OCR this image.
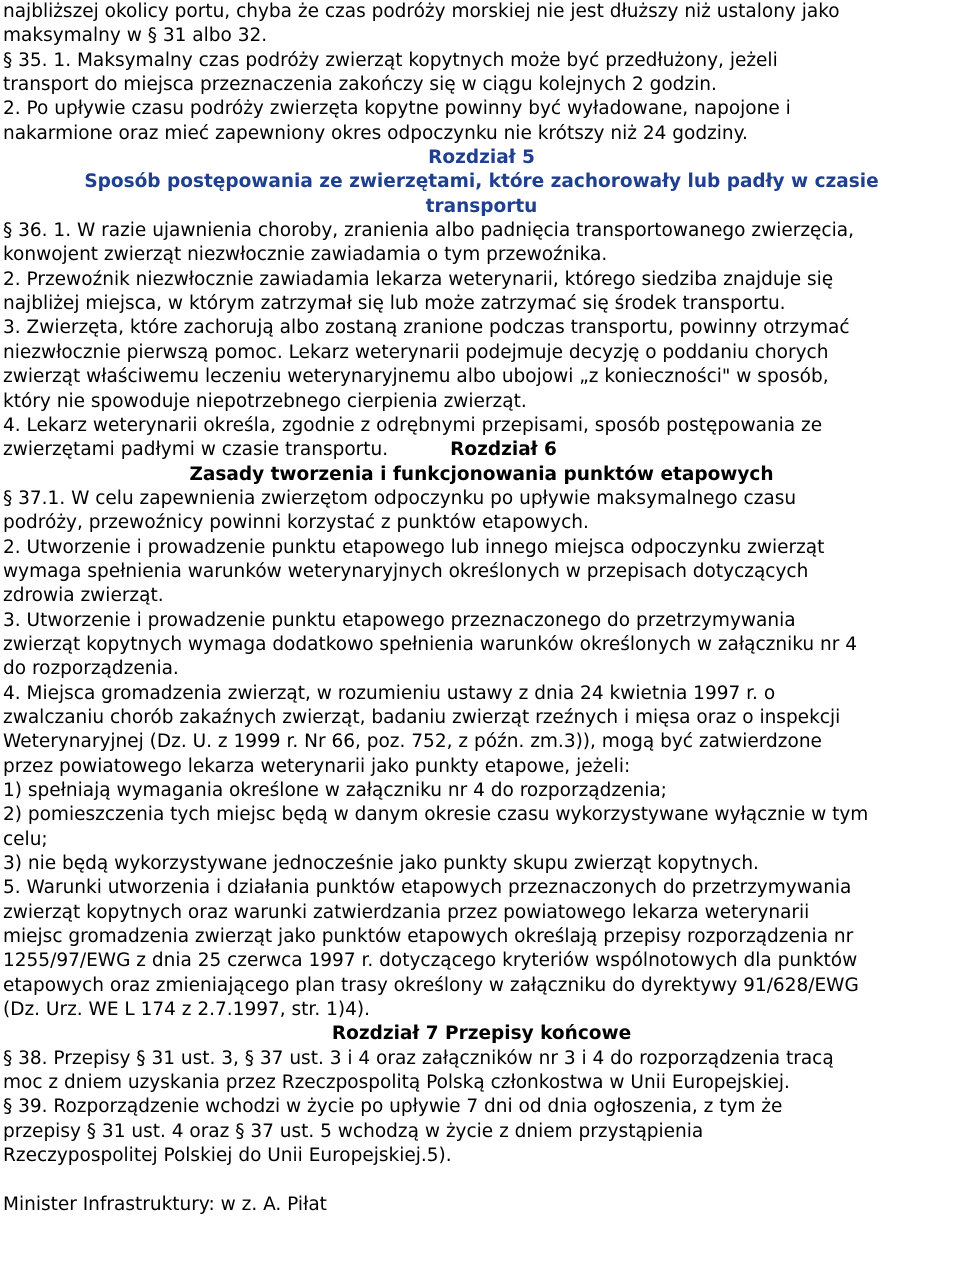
najbliższej okolicy portu, chyba że czas podróży morskiej nie jest dłuższy niż ustalony jako
maksymalny w § 31 albo 32.
§ 35. 1. Maksymalny czas podróży zwierząt kopytnych może być przedłużony, jeżeli
transport do miejsca przeznaczenia zakończy się w ciągu kolejnych 2 godzin.
2. Po upływie czasu podróży zwierzęta kopytne powinny być wyładowane, napojone i
nakarmione oraz mieć zapewniony okres odpoczynku nie krótszy niż 24 godziny.
Rozdział 5
Sposób postępowania ze zwierzętami, które zachorowały lub padły w czasie
transportu
§ 36. 1. W razie ujawnienia choroby, zranienia albo padnięcia transportowanego zwierzęcia,
konwojent zwierząt niezwłocznie zawiadamia o tym przewoźnika.
2. Przewoźnik niezwłocznie zawiadamia lekarza weterynarii, którego siedziba znajduje się
najbliżej miejsca, w którym zatrzymał się lub może zatrzymać się środek transportu.
3. Zwierzęta, które zachorują albo zostaną zranione podczas transportu, powinny otrzymać
niezwłocznie pierwszą pomoc. Lekarz weterynarii podejmuje decyzję o poddaniu chorych
zwierząt właściwemu leczeniu weterynaryjnemu albo ubojowi „z konieczności" w sposób,
który nie spowoduje niepotrzebnego cierpienia zwierząt.
4. Lekarz weterynarii określa, zgodnie z odrębnymi przepisami, sposób postępowania ze
zwierzętami padłymi w czasie transportu.	Rozdział 6
Zasady tworzenia i funkcjonowania punktów etapowych
§ 37.1. W celu zapewnienia zwierzętom odpoczynku po upływie maksymalnego czasu
podróży, przewoźnicy powinni korzystać z punktów etapowych.
2. Utworzenie i prowadzenie punktu etapowego lub innego miejsca odpoczynku zwierząt
wymaga spełnienia warunków weterynaryjnych określonych w przepisach dotyczących
zdrowia zwierząt.
3. Utworzenie i prowadzenie punktu etapowego przeznaczonego do przetrzymywania
zwierząt kopytnych wymaga dodatkowo spełnienia warunków określonych w załączniku nr 4
do rozporządzenia.
4. Miejsca gromadzenia zwierząt, w rozumieniu ustawy z dnia 24 kwietnia 1997 r. o
zwalczaniu chorób zakaźnych zwierząt, badaniu zwierząt rzeźnych i mięsa oraz o inspekcji
Weterynaryjnej (Dz. U. z 1999 r. Nr 66, poz. 752, z późn. zm.3)), mogą być zatwierdzone
przez powiatowego lekarza weterynarii jako punkty etapowe, jeżeli:
1) spełniają wymagania określone w załączniku nr 4 do rozporządzenia;
2) pomieszczenia tych miejsc będą w danym okresie czasu wykorzystywane wyłącznie w tym
celu;
3) nie będą wykorzystywane jednocześnie jako punkty skupu zwierząt kopytnych.
5. Warunki utworzenia i działania punktów etapowych przeznaczonych do przetrzymywania
zwierząt kopytnych oraz warunki zatwierdzania przez powiatowego lekarza weterynarii
miejsc gromadzenia zwierząt jako punktów etapowych określają przepisy rozporządzenia nr
1255/97/EWG z dnia 25 czerwca 1997 r. dotyczącego kryteriów wspólnotowych dla punktów
etapowych oraz zmieniającego plan trasy określony w załączniku do dyrektywy 91/628/EWG
(Dz. Urz. WE L 174 z 2.7.1997, str. 1)4).
Rozdział 7 Przepisy końcowe
§ 38. Przepisy § 31 ust. 3, § 37 ust. 3 i 4 oraz załączników nr 3 i 4 do rozporządzenia tracą
moc z dniem uzyskania przez Rzeczpospolitą Polską członkostwa w Unii Europejskiej.
§ 39. Rozporządzenie wchodzi w życie po upływie 7 dni od dnia ogłoszenia, z tym że
przepisy § 31 ust. 4 oraz § 37 ust. 5 wchodzą w życie z dniem przystąpienia
Rzeczypospolitej Polskiej do Unii Europejskiej.5).
Minister Infrastruktury: w z. A. Piłat
